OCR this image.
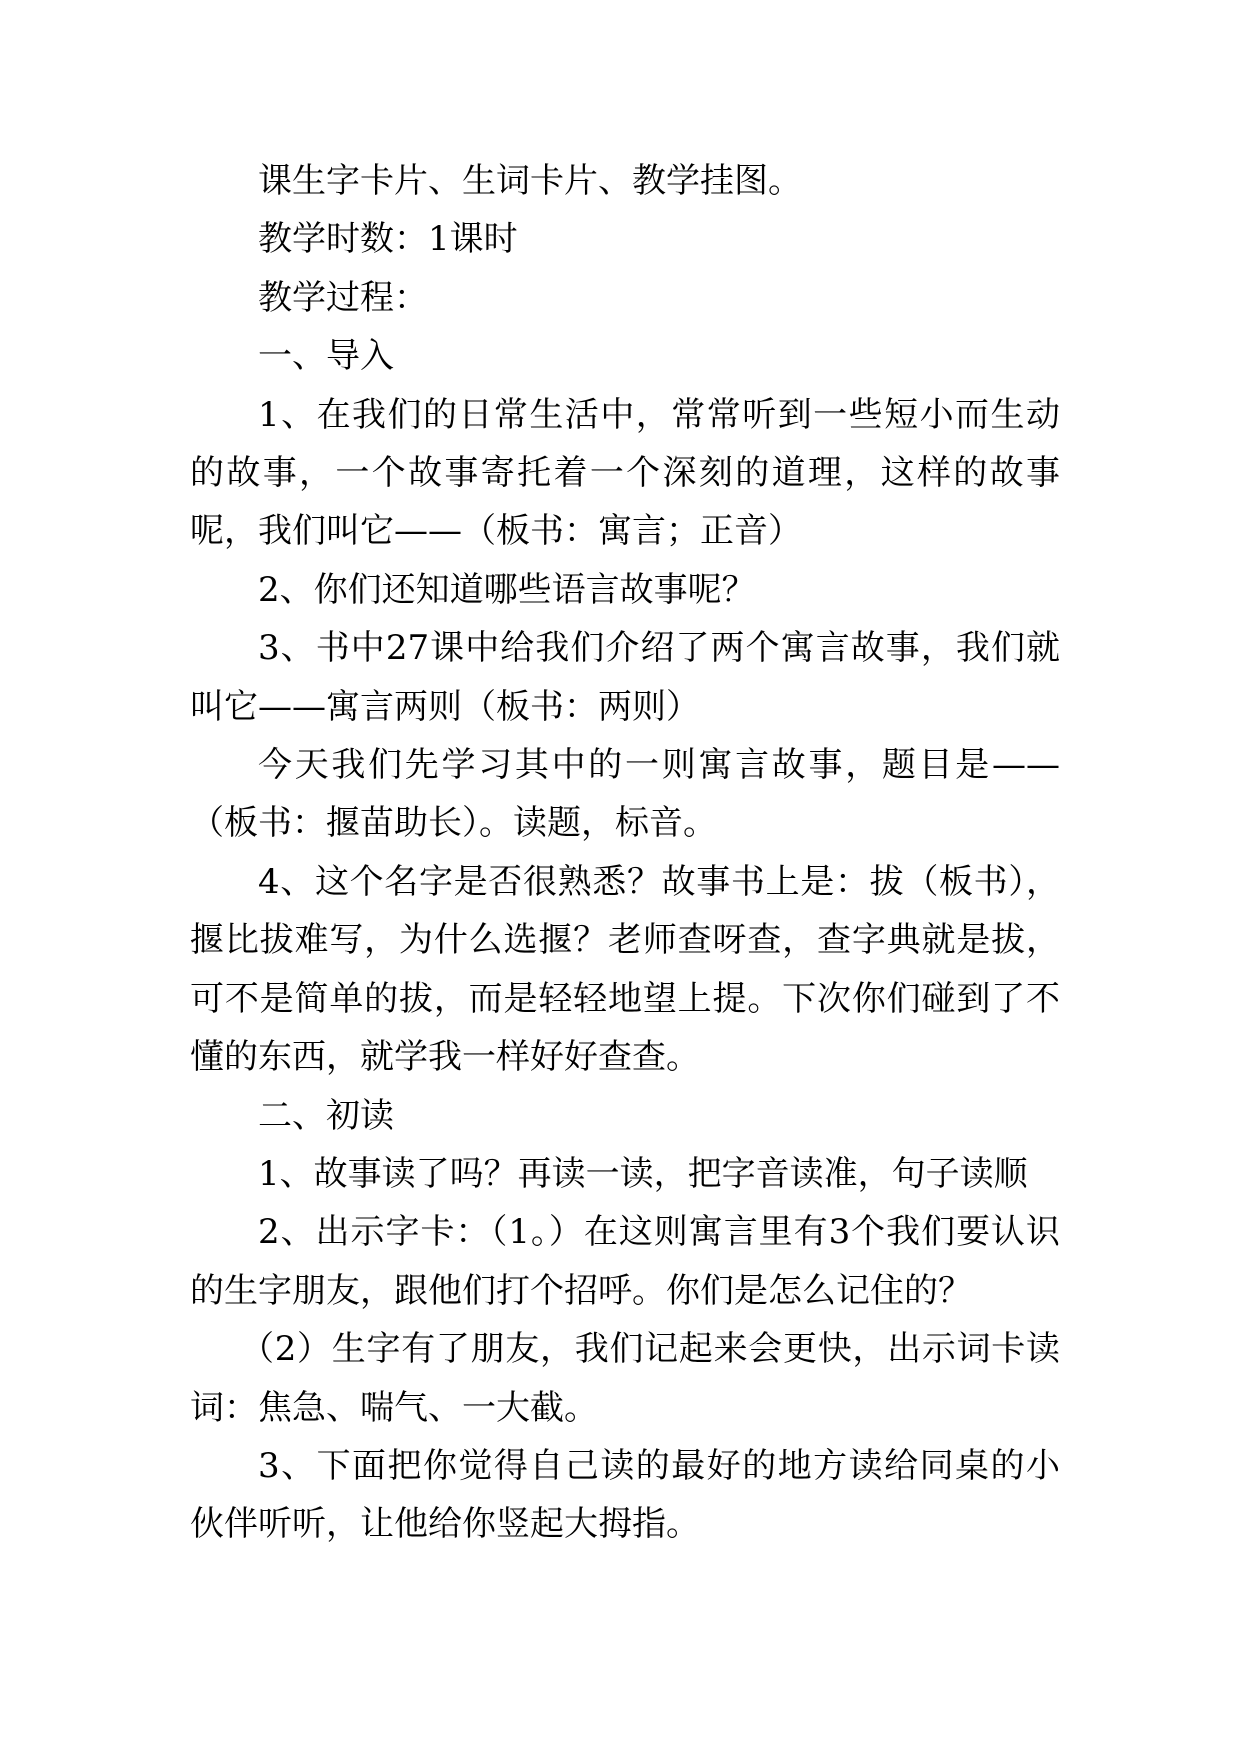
课生字卡片、生词卡片、教学挂图。

教学时数：1课时

教学过程：

一、导入

1、在我们的日常生活中，常常听到一些短小而生动的故事，一个故事寄托着一个深刻的道理，这样的故事呢，我们叫它——（板书：寓言；正音）

2、你们还知道哪些语言故事呢？

3、书中27课中给我们介绍了两个寓言故事，我们就叫它——寓言两则（板书：两则）

今天我们先学习其中的一则寓言故事，题目是——（板书：揠苗助长）。读题，标音。

4、这个名字是否很熟悉？故事书上是：拔（板书），揠比拔难写，为什么选揠？老师查呀查，查字典就是拔，可不是简单的拔，而是轻轻地望上提。下次你们碰到了不懂的东西，就学我一样好好查查。

二、初读

1、故事读了吗？再读一读，把字音读准，句子读顺

2、出示字卡：（1。）在这则寓言里有3个我们要认识的生字朋友，跟他们打个招呼。你们是怎么记住的？

（2）生字有了朋友，我们记起来会更快，出示词卡读词：焦急、喘气、一大截。

3、下面把你觉得自己读的最好的地方读给同桌的小伙伴听听，让他给你竖起大拇指。
